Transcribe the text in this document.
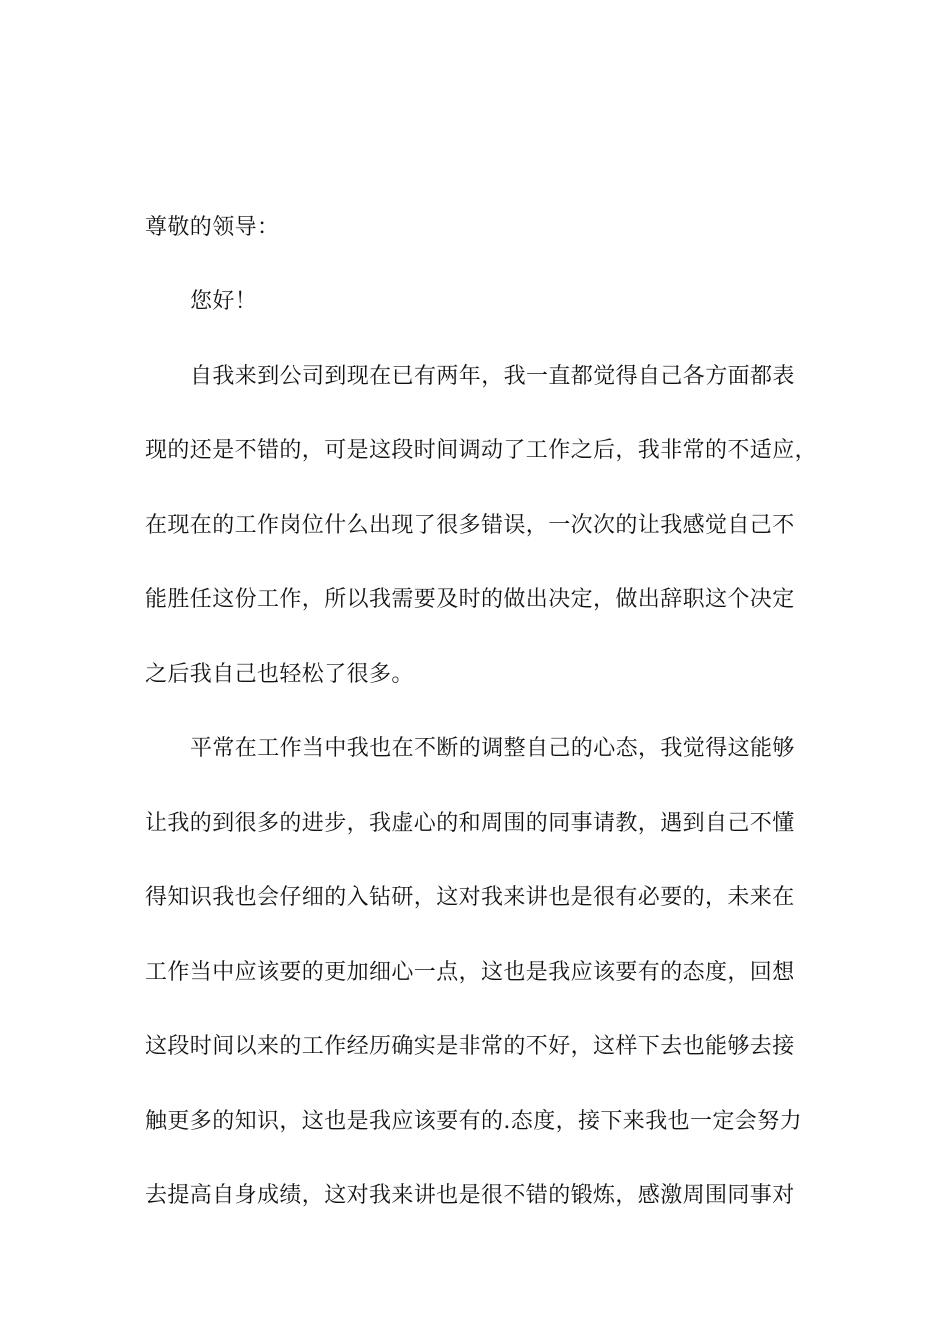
尊敬的领导：
您好！
自我来到公司到现在已有两年，我一直都觉得自己各方面都表
现的还是不错的，可是这段时间调动了工作之后，我非常的不适应，
在现在的工作岗位什么出现了很多错误，一次次的让我感觉自己不
能胜任这份工作，所以我需要及时的做出决定，做出辞职这个决定
之后我自己也轻松了很多。
平常在工作当中我也在不断的调整自己的心态，我觉得这能够
让我的到很多的进步，我虚心的和周围的同事请教，遇到自己不懂
得知识我也会仔细的入钻研，这对我来讲也是很有必要的，未来在
工作当中应该要的更加细心一点，这也是我应该要有的态度，回想
这段时间以来的工作经历确实是非常的不好，这样下去也能够去接
触更多的知识，这也是我应该要有的.态度，接下来我也一定会努力
去提高自身成绩，这对我来讲也是很不错的锻炼，感激周围同事对
